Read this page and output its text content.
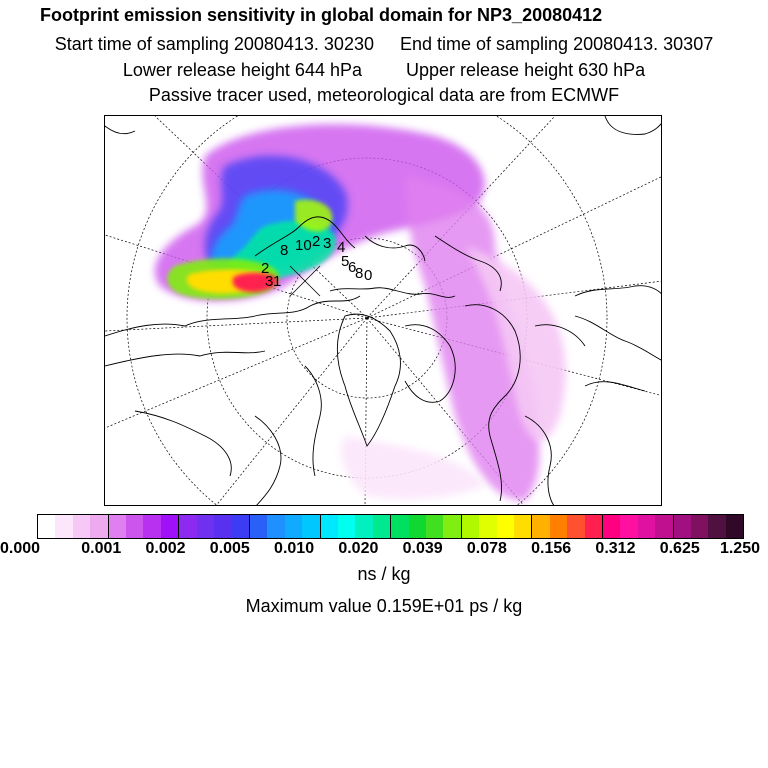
Footprint emission sensitivity in global domain for NP3_20080412
Start time of sampling 20080413. 30230 End time of sampling 20080413. 30307
Lower release height 644 hPa Upper release height 630 hPa
Passive tracer used, meteorological data are from ECMWF
8 10 2 3 4
5
6
8 0
2
1
3
0.000	0.001 0.002 0.005 0.010 0.020 0.039 0.078 0.156 0.312 0.625 1.250
ns / kg
Maximum value 0.159E+01 ps / kg
